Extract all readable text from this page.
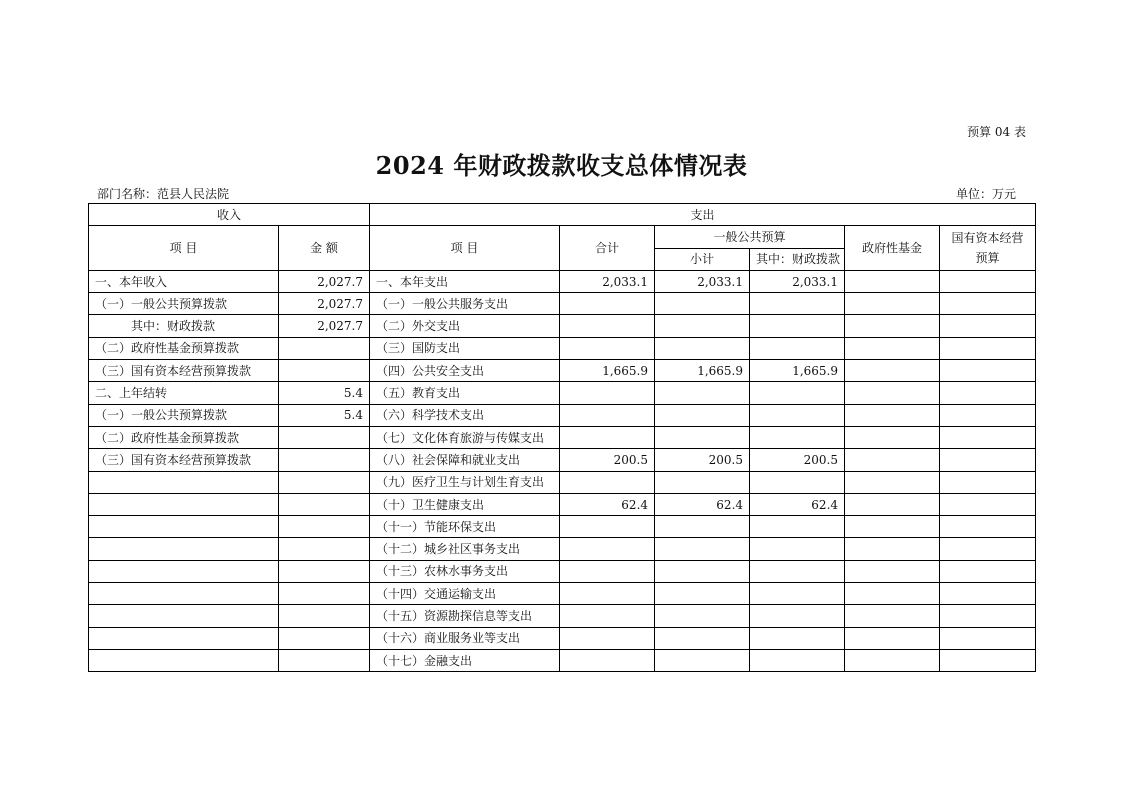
预算 04 表
2024 年财政拨款收支总体情况表
部门名称：范县人民法院	单位：万元
收入		支出					
项 目	金 额	项 目	合计	一般公共预算		政府性基金	国有资本经营
预算
				小计	其中：财政拨款		
一、本年收入	2,027.7	一、本年支出	2,033.1	2,033.1	2,033.1		
（一）一般公共预算拨款	2,027.7	（一）一般公共服务支出					
其中：财政拨款	2,027.7	（二）外交支出					
（二）政府性基金预算拨款		（三）国防支出					
（三）国有资本经营预算拨款		（四）公共安全支出	1,665.9	1,665.9	1,665.9		
二、上年结转	5.4	（五）教育支出					
（一）一般公共预算拨款	5.4	（六）科学技术支出					
（二）政府性基金预算拨款		（七）文化体育旅游与传媒支出					
（三）国有资本经营预算拨款		（八）社会保障和就业支出	200.5	200.5	200.5		
		（九）医疗卫生与计划生育支出					
		（十）卫生健康支出	62.4	62.4	62.4		
		（十一）节能环保支出					
		（十二）城乡社区事务支出					
		（十三）农林水事务支出					
		（十四）交通运输支出					
		（十五）资源勘探信息等支出					
		（十六）商业服务业等支出					
		（十七）金融支出					
